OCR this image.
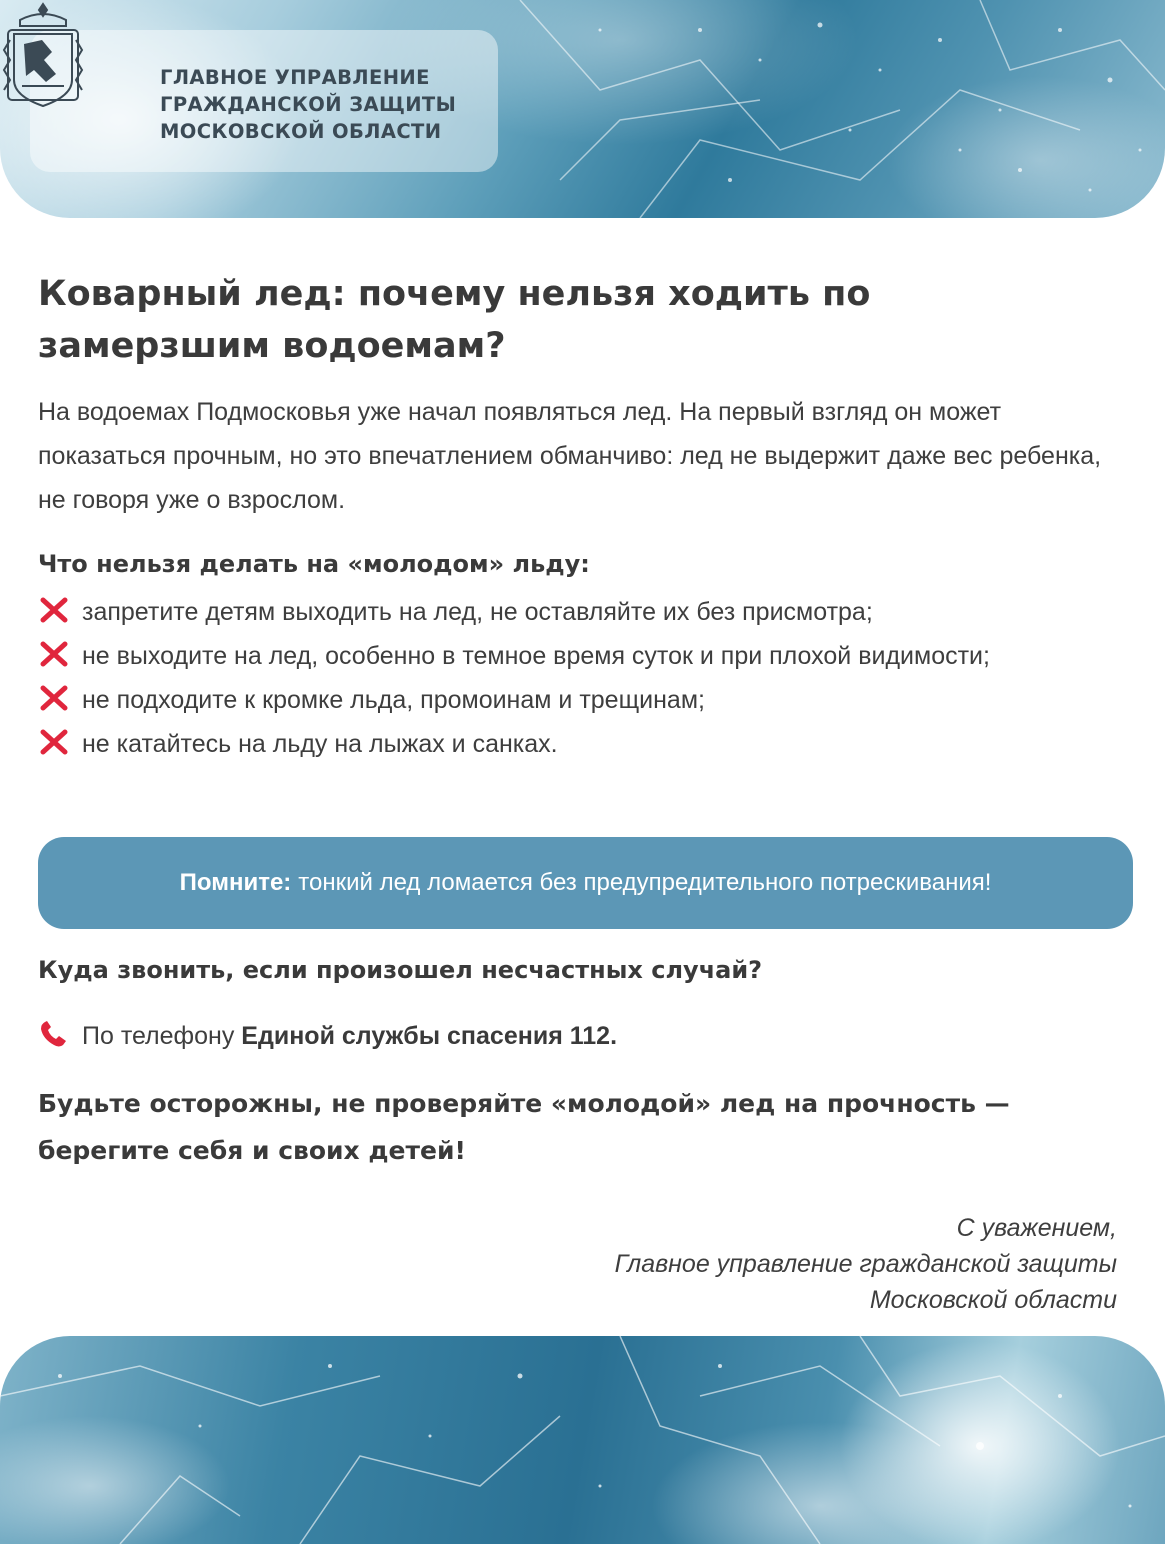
ГЛАВНОЕ УПРАВЛЕНИЕ
ГРАЖДАНСКОЙ ЗАЩИТЫ
МОСКОВСКОЙ ОБЛАСТИ
Коварный лед: почему нельзя ходить по замерзшим водоемам?

На водоемах Подмосковья уже начал появляться лед. На первый взгляд он может показаться прочным, но это впечатлением обманчиво: лед не выдержит даже вес ребенка, не говоря уже о взрослом.

Что нельзя делать на «молодом» льду:
запретите детям выходить на лед, не оставляйте их без присмотра;
не выходите на лед, особенно в темное время суток и при плохой видимости;
не подходите к кромке льда, промоинам и трещинам;
не катайтесь на льду на лыжах и санках.
Помните: тонкий лед ломается без предупредительного потрескивания!
Куда звонить, если произошел несчастных случай?
По телефону Единой службы спасения 112.

Будьте осторожны, не проверяйте «молодой» лед на прочность — берегите себя и своих детей!

С уважением,
Главное управление гражданской защиты
Московской области
